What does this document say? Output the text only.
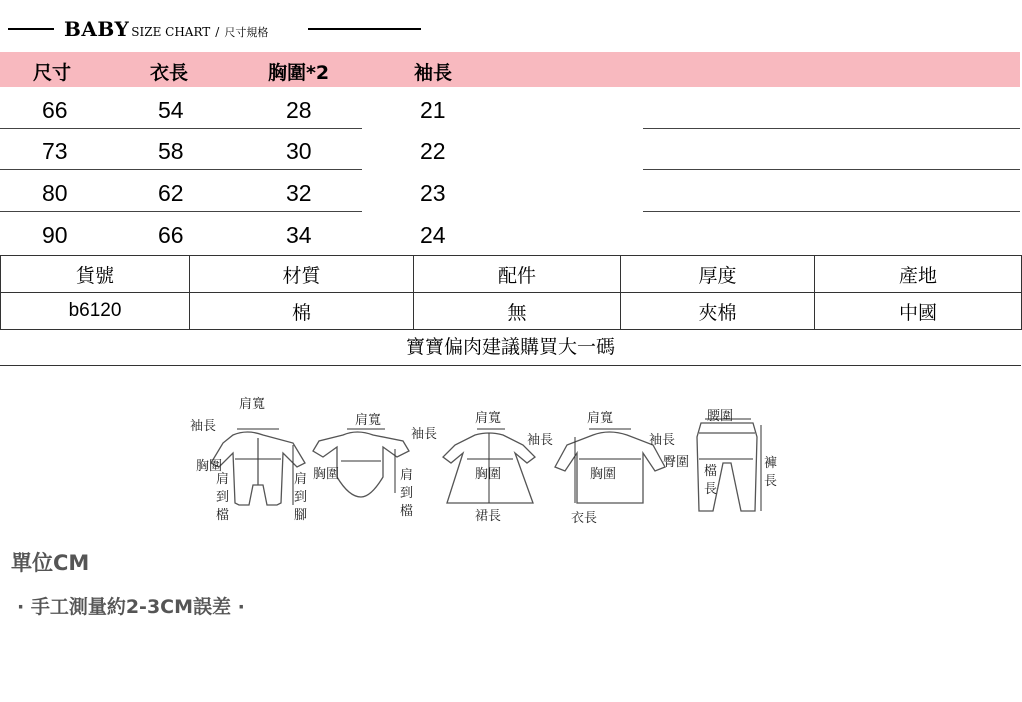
BABY SIZE CHART / 尺寸規格
尺寸	衣長	胸圍*2	袖長
66	54	28	21
73	58	30	22
80	62	32	23
90	66	34	24
貨號	材質	配件	厚度	產地
b6120	棉	無	夾棉	中國
寶寶偏肉建議購買大一碼
肩寬
袖長
胸圍
肩到檔
肩到腳
肩寬
袖長
胸圍	肩到檔
肩寬
袖長
胸圍
裙長
肩寬
袖長
胸圍
衣長
腰圍
臀圍
檔長
褲長
單位CM
· 手工測量約2-3CM誤差 ·
